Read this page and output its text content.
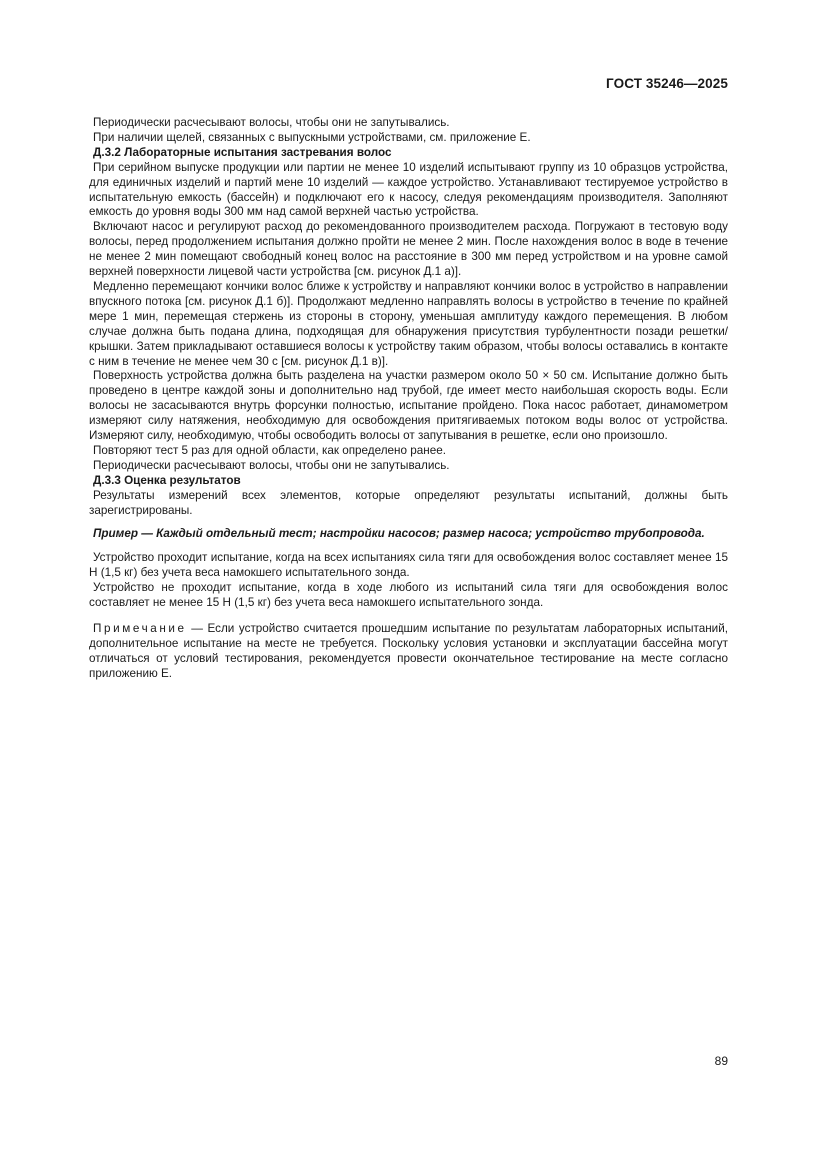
ГОСТ 35246—2025

Периодически расчесывают волосы, чтобы они не запутывались.

При наличии щелей, связанных с выпускными устройствами, см. приложение Е.

Д.3.2 Лабораторные испытания застревания волос

При серийном выпуске продукции или партии не менее 10 изделий испытывают группу из 10 образцов устройства, для единичных изделий и партий мене 10 изделий — каждое устройство. Устанавливают тестируемое устройство в испытательную емкость (бассейн) и подключают его к насосу, следуя рекомендациям производителя. Заполняют емкость до уровня воды 300 мм над самой верхней частью устройства.

Включают насос и регулируют расход до рекомендованного производителем расхода. Погружают в тестовую воду волосы, перед продолжением испытания должно пройти не менее 2 мин. После нахождения волос в воде в течение не менее 2 мин помещают свободный конец волос на расстояние в 300 мм перед устройством и на уровне самой верхней поверхности лицевой части устройства [см. рисунок Д.1 а)].

Медленно перемещают кончики волос ближе к устройству и направляют кончики волос в устройство в направлении впускного потока [см. рисунок Д.1 б)]. Продолжают медленно направлять волосы в устройство в течение по крайней мере 1 мин, перемещая стержень из стороны в сторону, уменьшая амплитуду каждого перемещения. В любом случае должна быть подана длина, подходящая для обнаружения присутствия турбулентности позади решетки/крышки. Затем прикладывают оставшиеся волосы к устройству таким образом, чтобы волосы оставались в контакте с ним в течение не менее чем 30 с [см. рисунок Д.1 в)].

Поверхность устройства должна быть разделена на участки размером около 50 × 50 см. Испытание должно быть проведено в центре каждой зоны и дополнительно над трубой, где имеет место наибольшая скорость воды. Если волосы не засасываются внутрь форсунки полностью, испытание пройдено. Пока насос работает, динамометром измеряют силу натяжения, необходимую для освобождения притягиваемых потоком воды волос от устройства. Измеряют силу, необходимую, чтобы освободить волосы от запутывания в решетке, если оно произошло.

Повторяют тест 5 раз для одной области, как определено ранее.

Периодически расчесывают волосы, чтобы они не запутывались.

Д.3.3 Оценка результатов

Результаты измерений всех элементов, которые определяют результаты испытаний, должны быть зарегистрированы.

Пример — Каждый отдельный тест; настройки насосов; размер насоса; устройство трубопровода.

Устройство проходит испытание, когда на всех испытаниях сила тяги для освобождения волос составляет менее 15 Н (1,5 кг) без учета веса намокшего испытательного зонда.

Устройство не проходит испытание, когда в ходе любого из испытаний сила тяги для освобождения волос составляет не менее 15 Н (1,5 кг) без учета веса намокшего испытательного зонда.

Примечание — Если устройство считается прошедшим испытание по результатам лабораторных испытаний, дополнительное испытание на месте не требуется. Поскольку условия установки и эксплуатации бассейна могут отличаться от условий тестирования, рекомендуется провести окончательное тестирование на месте согласно приложению Е.

89
